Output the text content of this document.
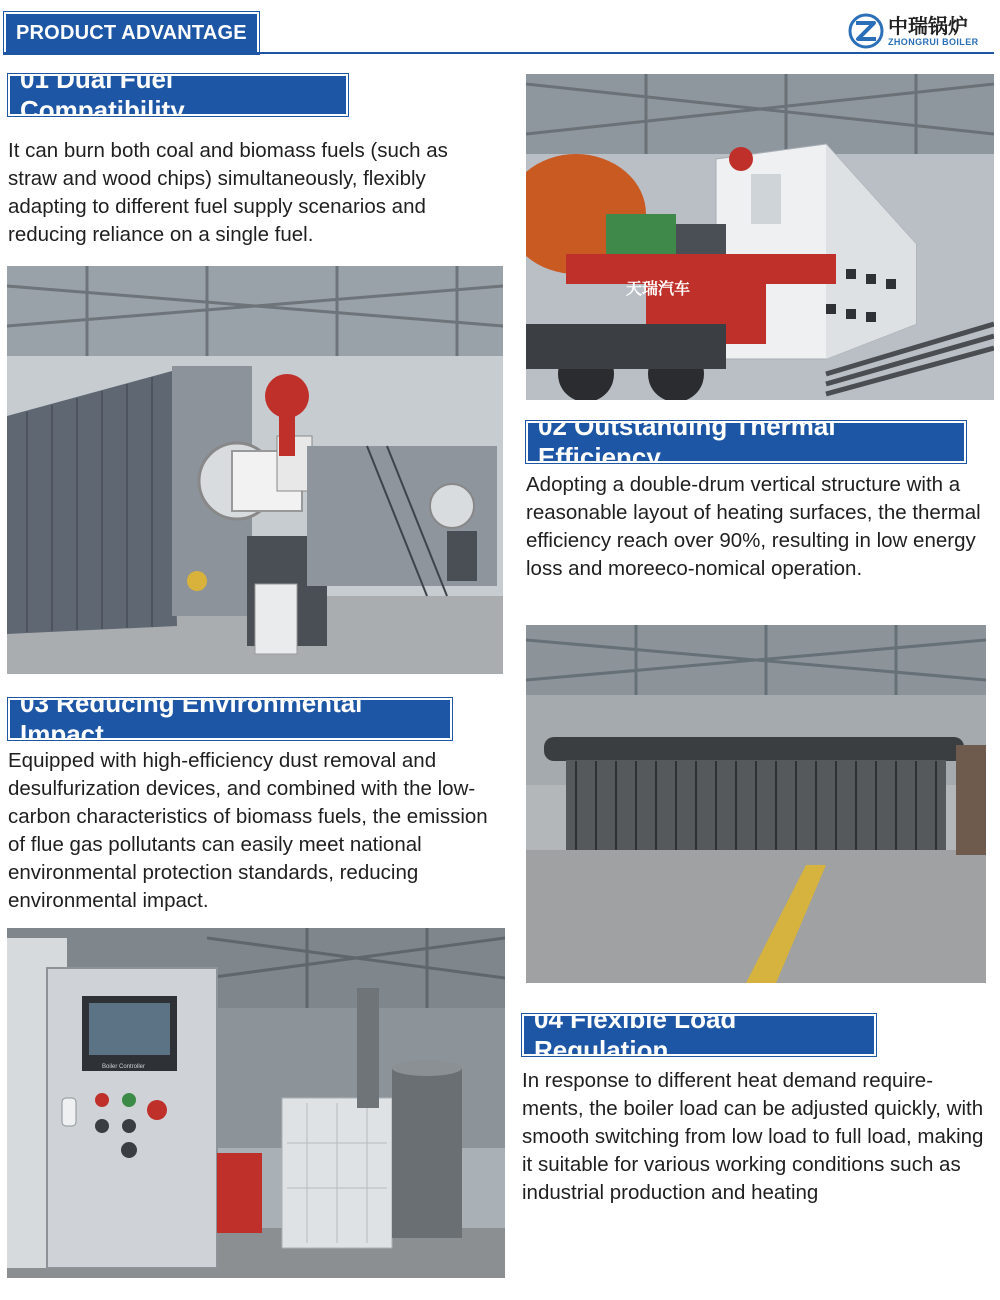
PRODUCT ADVANTAGE	中瑞锅炉
ZHONGRUI BOILER
01 Dual Fuel Compatibility
It can burn both coal and biomass fuels (such as straw and wood chips) simultaneously, flexibly adapting to different fuel supply scenarios and reducing reliance on a single fuel.
天瑞汽车
02 Outstanding Thermal Efficiency
Adopting a double-drum vertical structure with a reasonable layout of heating surfaces, the thermal efficiency reach over 90%, resulting in low energy loss and moreeco-nomical operation.
03 Reducing Environmental Impact
Equipped with high-efficiency dust removal and desulfurization devices, and combined with the low-carbon characteristics of biomass fuels, the emission of flue gas pollutants can easily meet national environmental protection standards, reducing environmental impact.
Boiler Controller
04 Flexible Load Regulation
In response to different heat demand require-ments, the boiler load can be adjusted quickly, with smooth switching from low load to full load, making it suitable for various working conditions such as industrial production and heating
